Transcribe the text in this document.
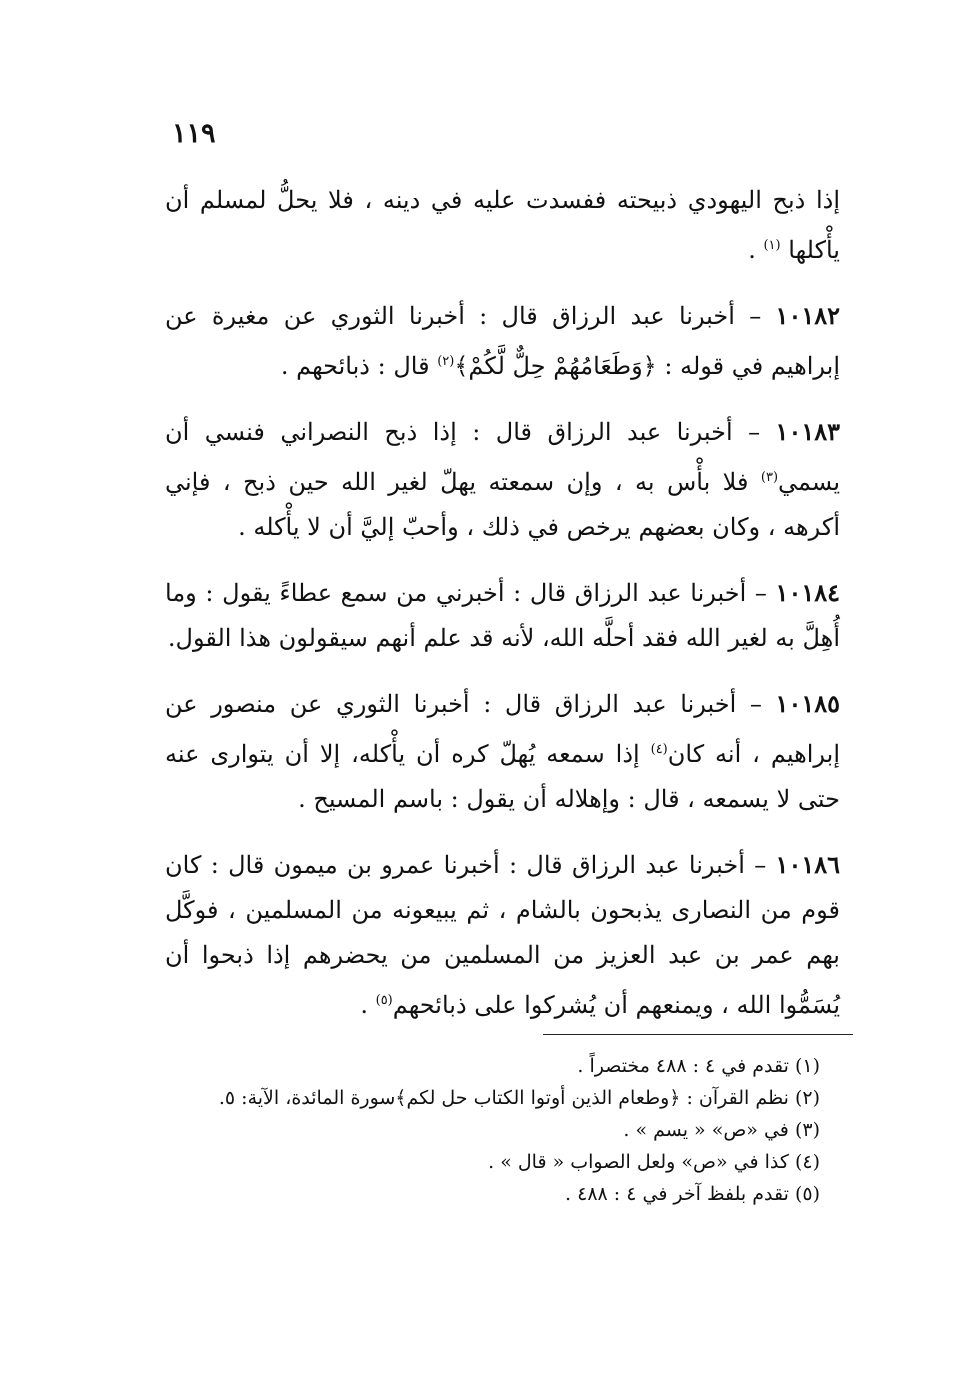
١١٩

إذا ذبح اليهودي ذبيحته ففسدت عليه في دينه ، فلا يحلُّ لمسلم أن يأْكلها $^{(١)}$ .

١٠١٨٢ – أخبرنا عبد الرزاق قال : أخبرنا الثوري عن مغيرة عن إبراهيم في قوله : ﴿وَطَعَامُهُمْ حِلٌّ لَّكُمْ﴾$^{(٢)}$ قال : ذبائحهم .

١٠١٨٣ – أخبرنا عبد الرزاق قال : إذا ذبح النصراني فنسي أن يسمي$^{(٣)}$ فلا بأْس به ، وإن سمعته يهلّ لغير الله حين ذبح ، فإني أكرهه ، وكان بعضهم يرخص في ذلك ، وأحبّ إليَّ أن لا يأْكله .

١٠١٨٤ – أخبرنا عبد الرزاق قال : أخبرني من سمع عطاءً يقول : وما أُهِلَّ به لغير الله فقد أحلَّه الله، لأنه قد علم أنهم سيقولون هذا القول.

١٠١٨٥ – أخبرنا عبد الرزاق قال : أخبرنا الثوري عن منصور عن إبراهيم ، أنه كان$^{(٤)}$ إذا سمعه يُهلّ كره أن يأْكله، إلا أن يتوارى عنه حتى لا يسمعه ، قال : وإهلاله أن يقول : باسم المسيح .

١٠١٨٦ – أخبرنا عبد الرزاق قال : أخبرنا عمرو بن ميمون قال : كان قوم من النصارى يذبحون بالشام ، ثم يبيعونه من المسلمين ، فوكَّل بهم عمر بن عبد العزيز من المسلمين من يحضرهم إذا ذبحوا أن يُسَمُّوا الله ، ويمنعهم أن يُشركوا على ذبائحهم$^{(٥)}$ .

(١) تقدم في ٤ : ٤٨٨ مختصراً .
(٢) نظم القرآن : ﴿وطعام الذين أوتوا الكتاب حل لكم﴾سورة المائدة، الآية: ٥.
(٣) في «ص» « يسم » .
(٤) كذا في «ص» ولعل الصواب « قال » .
(٥) تقدم بلفظ آخر في ٤ : ٤٨٨ .
